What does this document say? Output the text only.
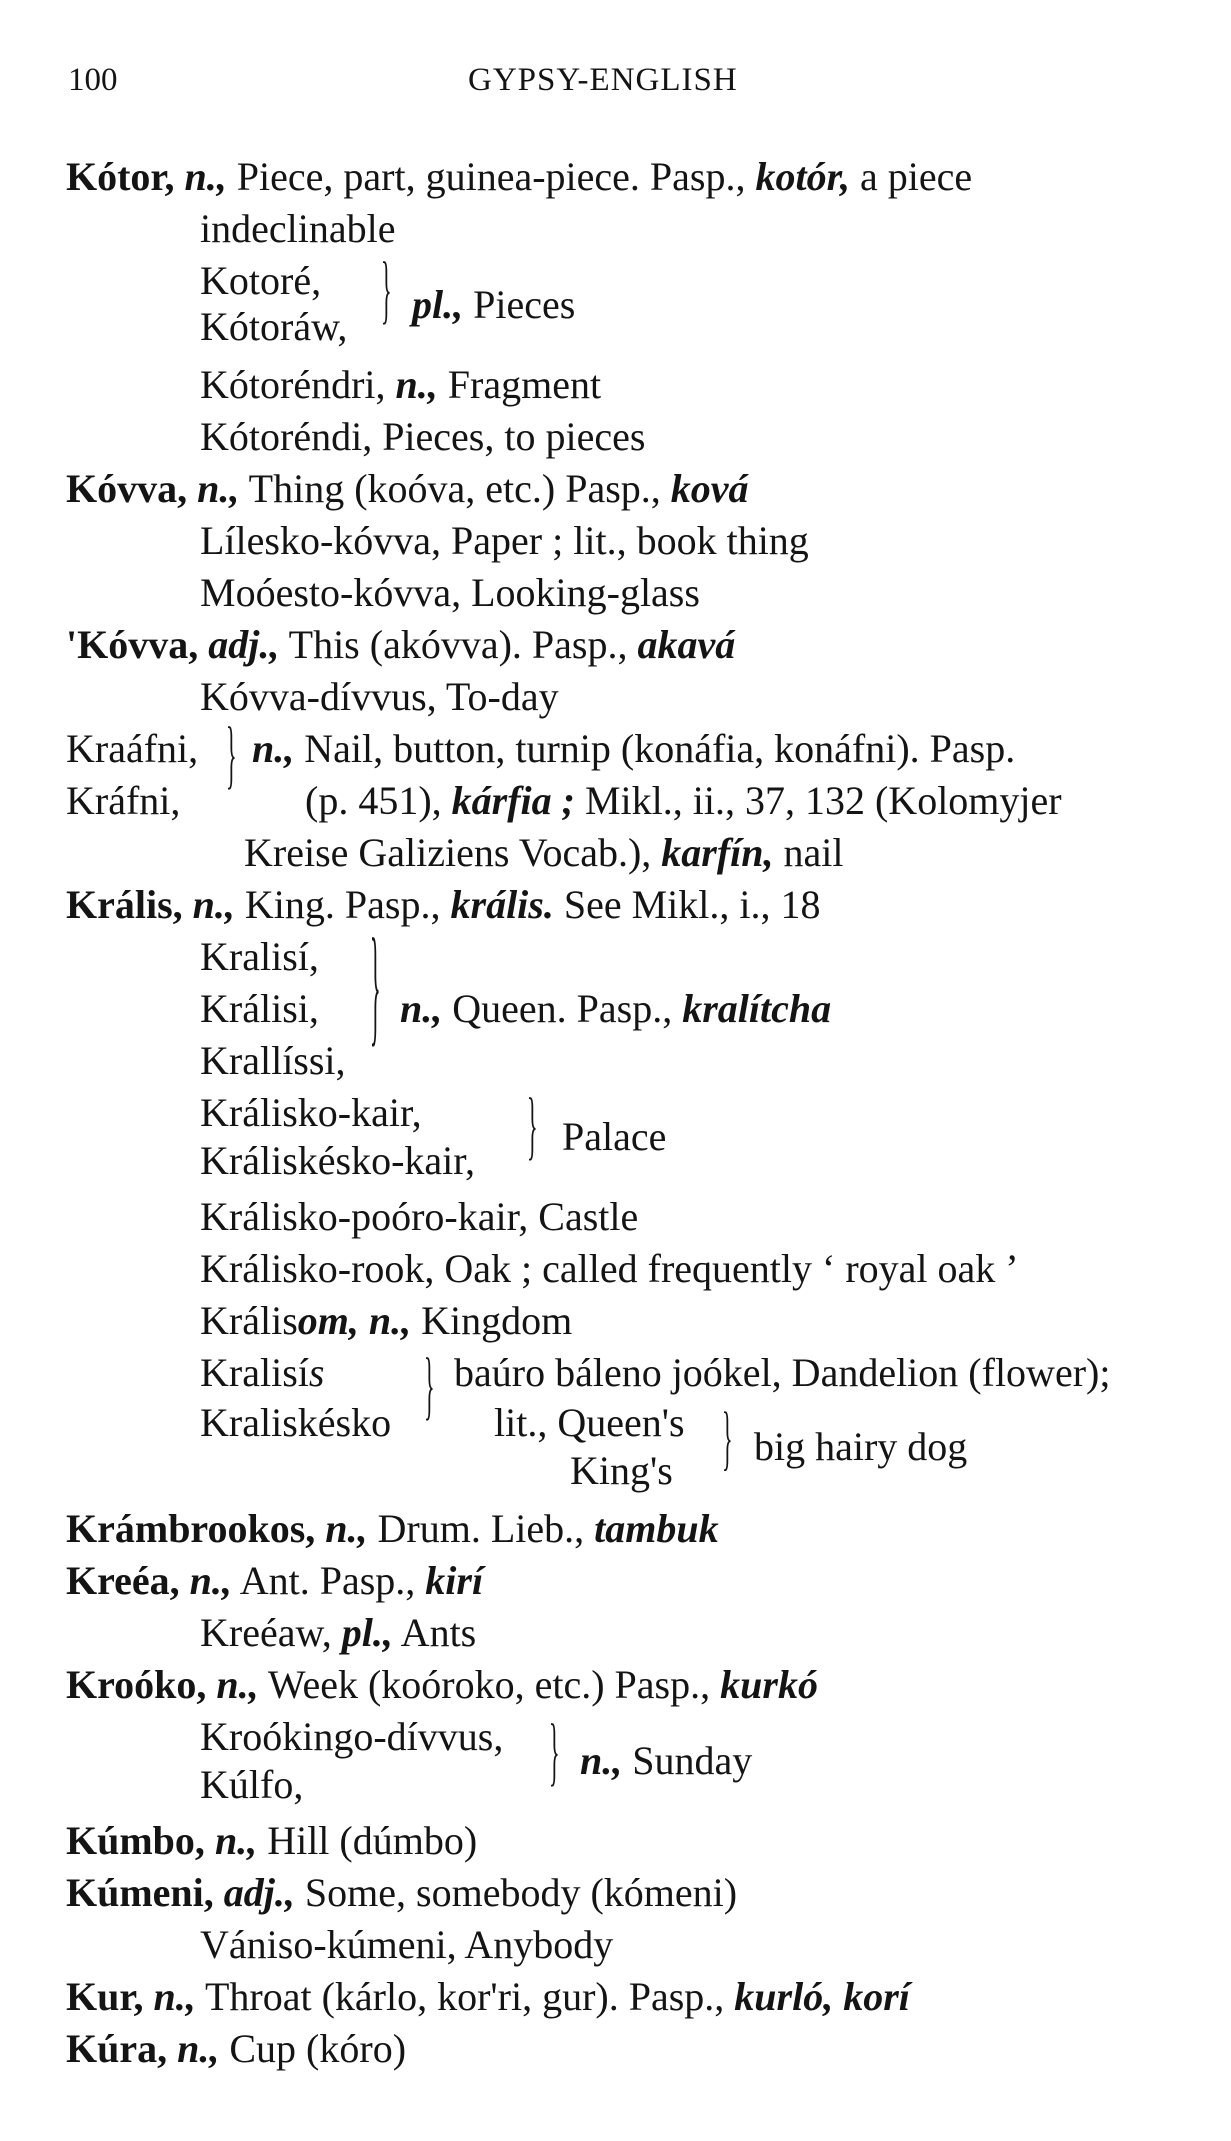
100	GYPSY-ENGLISH
Kótor, n., Piece, part, guinea-piece. Pasp., kotór, a piece
indeclinable
Kotoré,
Kótoráw, } pl., Pieces
Kótoréndri, n., Fragment
Kótoréndi, Pieces, to pieces
Kóvva, n., Thing (koóva, etc.) Pasp., ková
Lílesko-kóvva, Paper ; lit., book thing
Moóesto-kóvva, Looking-glass
'Kóvva, adj., This (akóvva). Pasp., akavá
Kóvva-dívvus, To-day
Kraáfni,
Kráfni,
} n., Nail, button, turnip (konáfia, konáfni). Pasp.
(p. 451), kárfia ; Mikl., ii., 37, 132 (Kolomyjer
Kreise Galiziens Vocab.), karfín, nail
Krális, n., King. Pasp., krális. See Mikl., i., 18
Kralisí,
Králisi,
Krallíssi,
} n., Queen. Pasp., kralítcha
Králisko-kair,
Králiskésko-kair, } Palace
Králisko-poóro-kair, Castle
Králisko-rook, Oak ; called frequently ‘ royal oak ’
Králisom, n., Kingdom
Kralisís
Kraliskésko } baúro báleno joókel, Dandelion (flower);
lit., Queen's
King's } big hairy dog
Krámbrookos, n., Drum. Lieb., tambuk
Kreéa, n., Ant. Pasp., kirí
Kreéaw, pl., Ants
Kroóko, n., Week (koóroko, etc.) Pasp., kurkó
Kroókingo-dívvus,
Kúlfo,	} n., Sunday
Kúmbo, n., Hill (dúmbo)
Kúmeni, adj., Some, somebody (kómeni)
Vániso-kúmeni, Anybody
Kur, n., Throat (kárlo, kor'ri, gur). Pasp., kurló, korí
Kúra, n., Cup (kóro)
